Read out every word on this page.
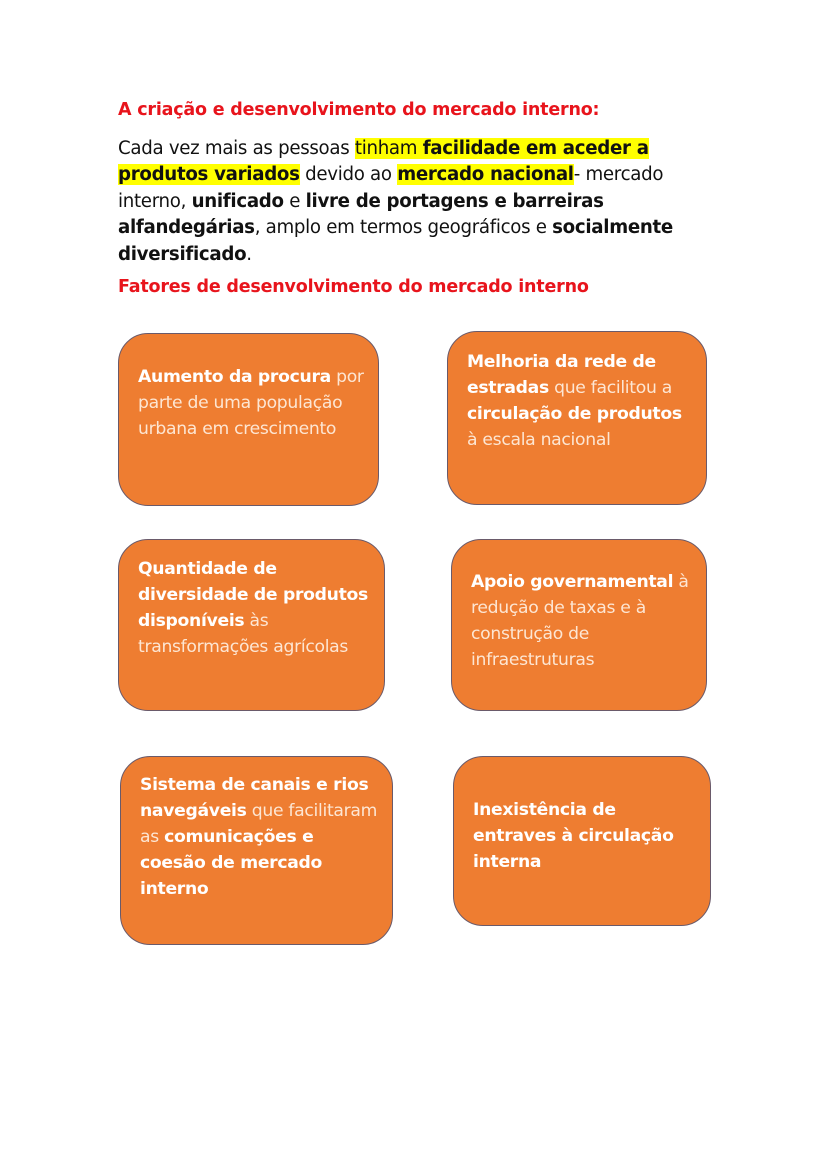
A criação e desenvolvimento do mercado interno:
Cada vez mais as pessoas tinham facilidade em aceder a produtos variados devido ao mercado nacional- mercado interno, unificado e livre de portagens e barreiras alfandegárias, amplo em termos geográficos e socialmente diversificado.
Fatores de desenvolvimento do mercado interno
Aumento da procura por parte de uma população urbana em crescimento
Melhoria da rede de estradas que facilitou a circulação de produtos à escala nacional
Quantidade de diversidade de produtos disponíveis às transformações agrícolas
Apoio governamental à redução de taxas e à construção de infraestruturas
Sistema de canais e rios navegáveis que facilitaram as comunicações e coesão de mercado interno
Inexistência de entraves à circulação interna
